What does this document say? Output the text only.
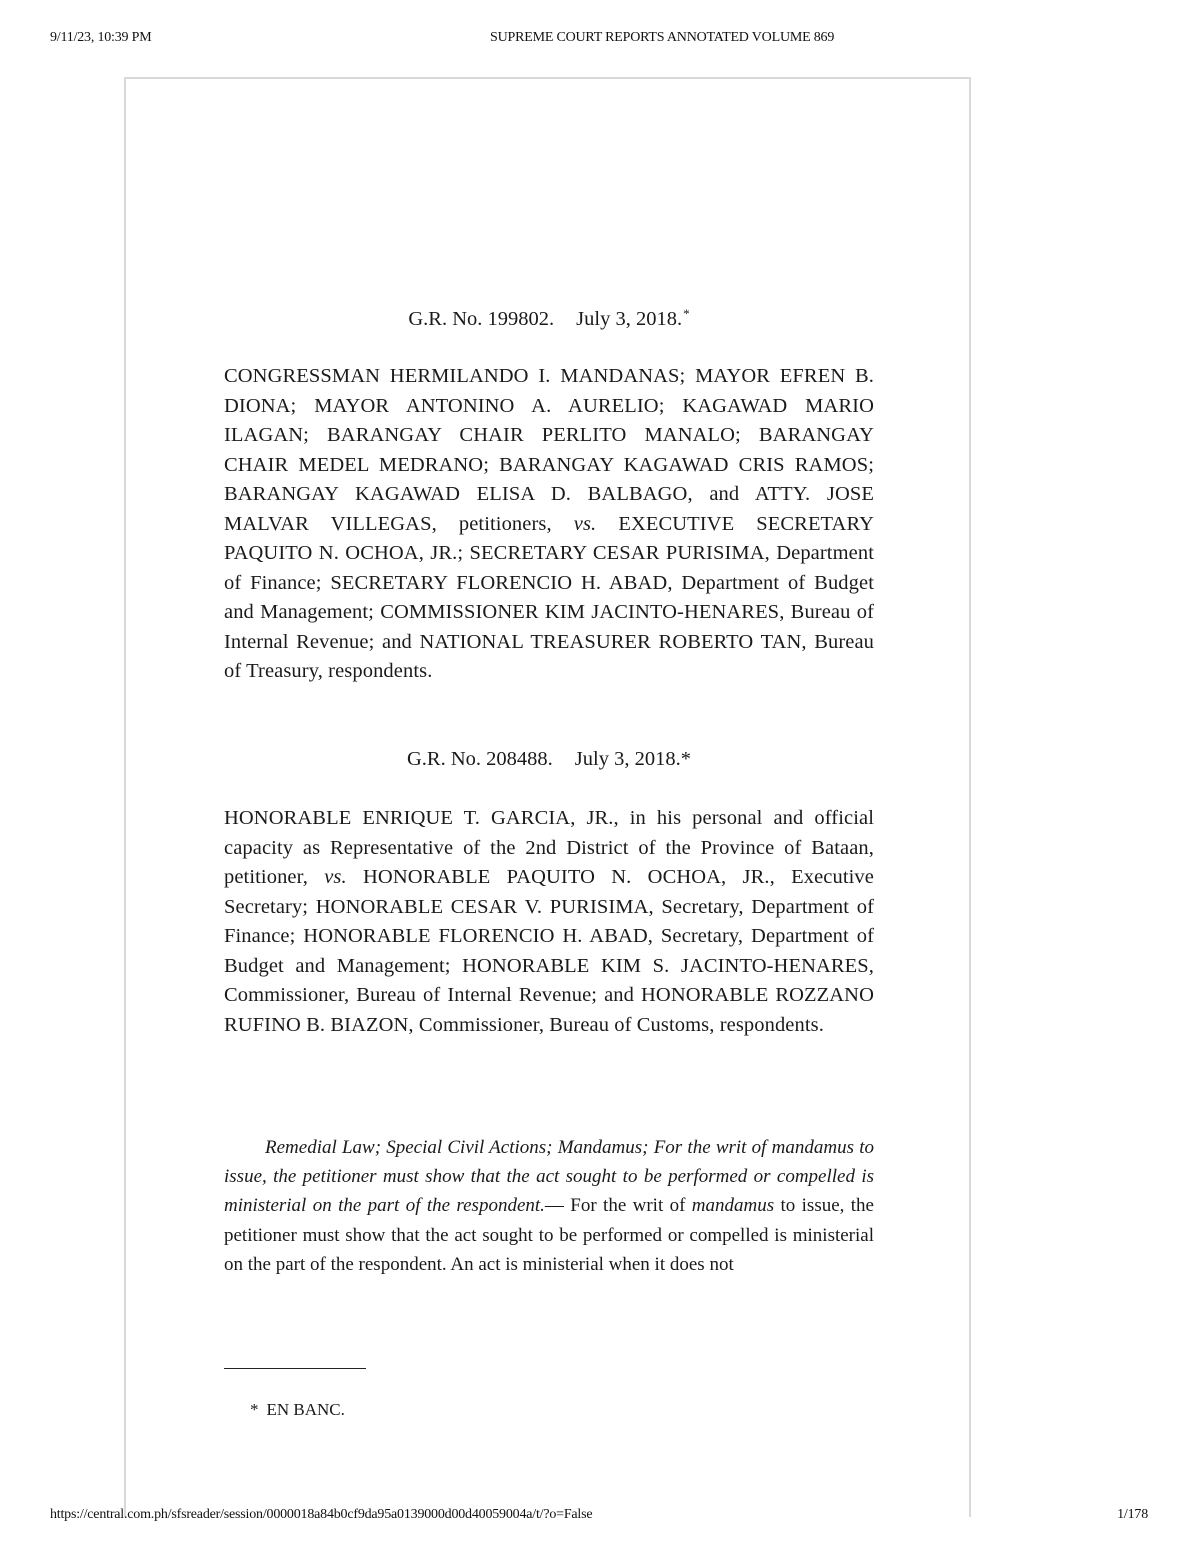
9/11/23, 10:39 PM	SUPREME COURT REPORTS ANNOTATED VOLUME 869
G.R. No. 199802. July 3, 2018.*
CONGRESSMAN HERMILANDO I. MANDANAS; MAYOR EFREN B. DIONA; MAYOR ANTONINO A. AURELIO; KAGAWAD MARIO ILAGAN; BARANGAY CHAIR PERLITO MANALO; BARANGAY CHAIR MEDEL MEDRANO; BARANGAY KAGAWAD CRIS RAMOS; BARANGAY KAGAWAD ELISA D. BALBAGO, and ATTY. JOSE MALVAR VILLEGAS, petitioners, vs. EXECUTIVE SECRETARY PAQUITO N. OCHOA, JR.; SECRETARY CESAR PURISIMA, Department of Finance; SECRETARY FLORENCIO H. ABAD, Department of Budget and Management; COMMISSIONER KIM JACINTO-HENARES, Bureau of Internal Revenue; and NATIONAL TREASURER ROBERTO TAN, Bureau of Treasury, respondents.
G.R. No. 208488. July 3, 2018.*
HONORABLE ENRIQUE T. GARCIA, JR., in his personal and official capacity as Representative of the 2nd District of the Province of Bataan, petitioner, vs. HONORABLE PAQUITO N. OCHOA, JR., Executive Secretary; HONORABLE CESAR V. PURISIMA, Secretary, Department of Finance; HONORABLE FLORENCIO H. ABAD, Secretary, Department of Budget and Management; HONORABLE KIM S. JACINTO-HENARES, Commissioner, Bureau of Internal Revenue; and HONORABLE ROZZANO RUFINO B. BIAZON, Commissioner, Bureau of Customs, respondents.
Remedial Law; Special Civil Actions; Mandamus; For the writ of mandamus to issue, the petitioner must show that the act sought to be performed or compelled is ministerial on the part of the respondent.— For the writ of mandamus to issue, the petitioner must show that the act sought to be performed or compelled is ministerial on the part of the respondent. An act is ministerial when it does not
* EN BANC.
https://central.com.ph/sfsreader/session/0000018a84b0cf9da95a0139000d00d40059004a/t/?o=False	1/178
